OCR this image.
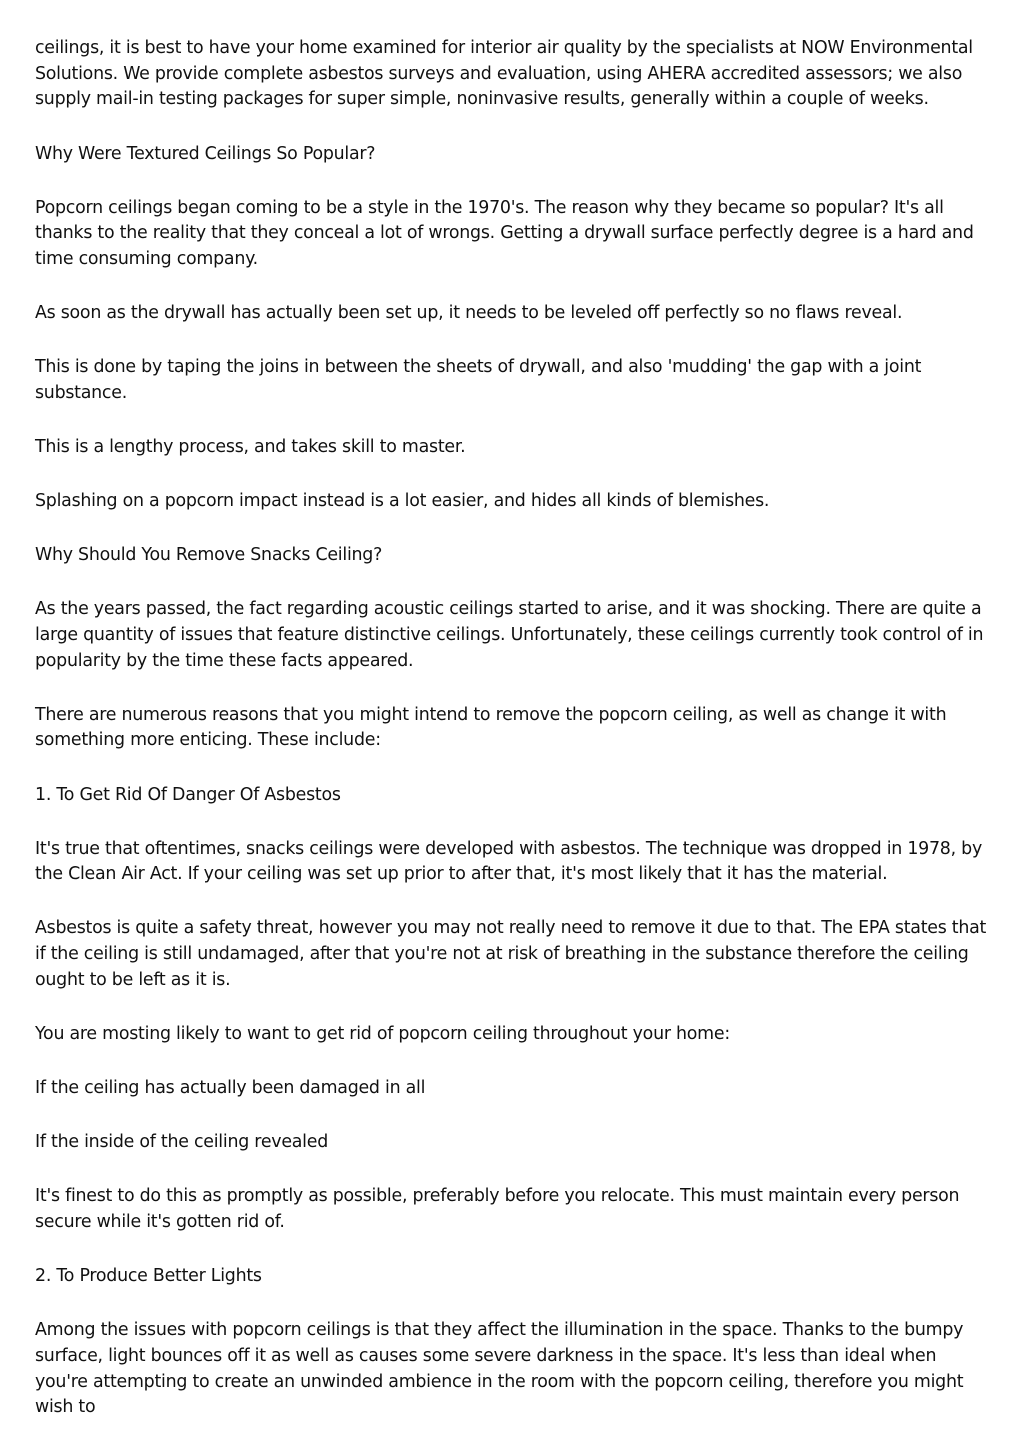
ceilings, it is best to have your home examined for interior air quality by the specialists at NOW Environmental Solutions. We provide complete asbestos surveys and evaluation, using AHERA accredited assessors; we also supply mail-in testing packages for super simple, noninvasive results, generally within a couple of weeks.

Why Were Textured Ceilings So Popular?

Popcorn ceilings began coming to be a style in the 1970's. The reason why they became so popular? It's all thanks to the reality that they conceal a lot of wrongs. Getting a drywall surface perfectly degree is a hard and time consuming company.

As soon as the drywall has actually been set up, it needs to be leveled off perfectly so no flaws reveal.

This is done by taping the joins in between the sheets of drywall, and also 'mudding' the gap with a joint substance.

This is a lengthy process, and takes skill to master.

Splashing on a popcorn impact instead is a lot easier, and hides all kinds of blemishes.

Why Should You Remove Snacks Ceiling?

As the years passed, the fact regarding acoustic ceilings started to arise, and it was shocking. There are quite a large quantity of issues that feature distinctive ceilings. Unfortunately, these ceilings currently took control of in popularity by the time these facts appeared.

There are numerous reasons that you might intend to remove the popcorn ceiling, as well as change it with something more enticing. These include:

1. To Get Rid Of Danger Of Asbestos

It's true that oftentimes, snacks ceilings were developed with asbestos. The technique was dropped in 1978, by the Clean Air Act. If your ceiling was set up prior to after that, it's most likely that it has the material.

Asbestos is quite a safety threat, however you may not really need to remove it due to that. The EPA states that if the ceiling is still undamaged, after that you're not at risk of breathing in the substance therefore the ceiling ought to be left as it is.

You are mosting likely to want to get rid of popcorn ceiling throughout your home:

If the ceiling has actually been damaged in all

If the inside of the ceiling revealed

It's finest to do this as promptly as possible, preferably before you relocate. This must maintain every person secure while it's gotten rid of.

2. To Produce Better Lights

Among the issues with popcorn ceilings is that they affect the illumination in the space. Thanks to the bumpy surface, light bounces off it as well as causes some severe darkness in the space. It's less than ideal when you're attempting to create an unwinded ambience in the room with the popcorn ceiling, therefore you might wish to
